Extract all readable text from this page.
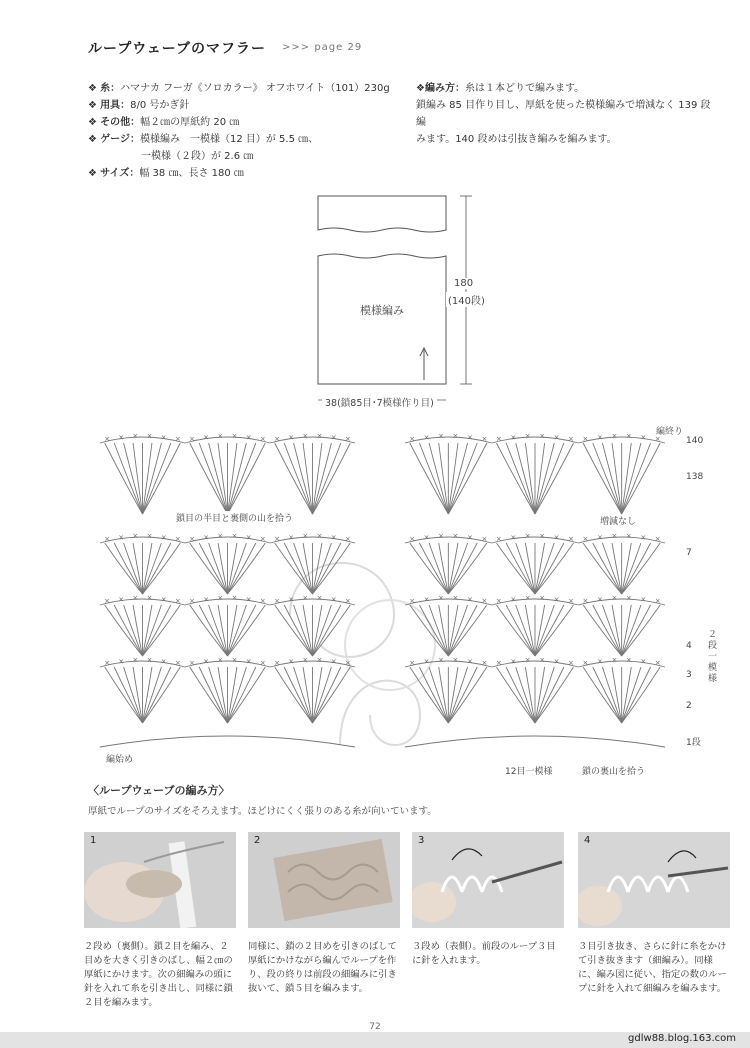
ループウェーブのマフラー >>> page 29
❖ 糸：ハマナカ フーガ《ソロカラー》 オフホワイト（101）230g
❖ 用具：8/0 号かぎ針
❖ その他：幅２㎝の厚紙約 20 ㎝
❖ ゲージ：模様編み　一模様（12 目）が 5.5 ㎝、
一模様（２段）が 2.6 ㎝
❖ サイズ：幅 38 ㎝、長さ 180 ㎝
❖編み方：糸は１本どりで編みます。
鎖編み 85 目作り目し、厚紙を使った模様編みで増減なく 139 段編
みます。140 段めは引抜き編みを編みます。
模様編み
180
(140段)
38(鎖85目･7模様作り目)
× × × × × × × × × × × × × × × × × ×
× × × × × × × × × × × × × × × × × ×
× × × × × × × × × × × × × × × × × ×
× × × × × × × × × × × × × × × × × ×
× × × × × × × × × × × × × × × × × ×
× × × × × × × × × × × × × × × × × ×
× × × × × × × × × × × × × × × × × ×
× × × × × × × × × × × × × × × × × ×
編終り
編始め
鎖目の半目と裏側の山を拾う	増減なし
12目一模様	鎖の裏山を拾う
140
138
7
4
3
2
1段
２段一模様
〈ループウェーブの編み方〉
厚紙でループのサイズをそろえます。ほどけにくく張りのある糸が向いています。
1	2	3	4
２段め（裏側）。鎖２目を編み、２目めを大きく引きのばし、幅２㎝の厚紙にかけます。次の細編みの頭に針を入れて糸を引き出し、同様に鎖２目を編みます。
同様に、鎖の２目めを引きのばして厚紙にかけながら編んでループを作り、段の終りは前段の細編みに引き抜いて、鎖５目を編みます。
３段め（表側）。前段のループ３目に針を入れます。
３目引き抜き、さらに針に糸をかけて引き抜きます（細編み）。同様に、編み図に従い、指定の数のループに針を入れて細編みを編みます。
72
gdlw88.blog.163.com
